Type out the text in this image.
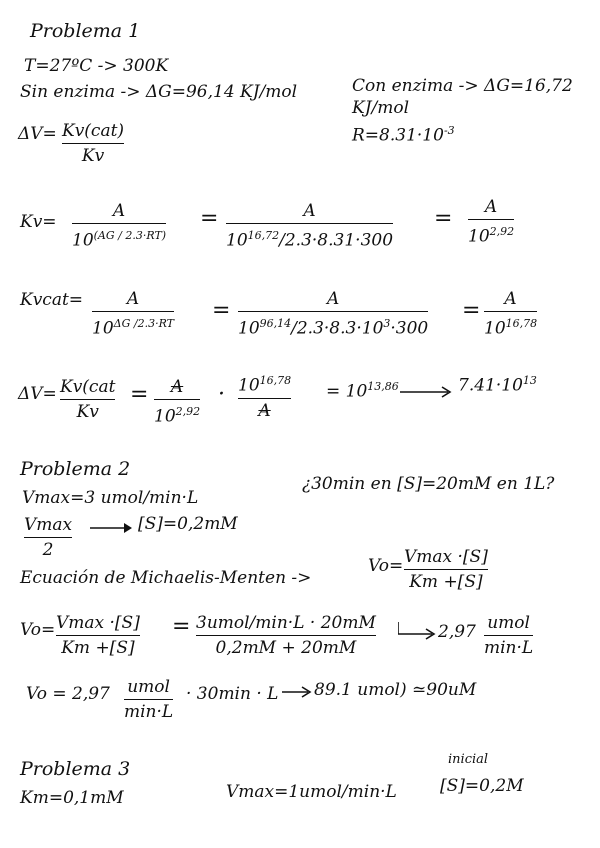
Problema 1
T=27ºC -> 300K
Sin enzima -> ΔG=96,14 KJ/mol	Con enzima -> ΔG=16,72
KJ/mol
$R=8.31\cdot 10^{-3}$
ΔV= Kv(cat)
Kv
Kv=
A
$10^{(AG / 2.3\cdot RT)}$
=	A
$10^{16,72}/2.3\cdot 8.31\cdot 300$
= A
10$^{2,92}$
Kvcat=	A
$10^{\Delta G /2.3\cdot RT}$
=	A
$10^{96,14}/2.3\cdot 8.3\cdot 10^3\cdot 300$
= A
10$^{16,78}$
ΔV= Kv(cat
Kv
= A
$10^{2,92}$
· $10^{16,78}$
A
= $10^{13,86}$	$7.41\cdot 10^{13}$
Problema 2
Vmax=3 umol/min·L
¿30min en [S]=20mM en 1L?
Vmax
2
[S]=0,2mM
Ecuación de Michaelis-Menten ->
Vo= Vmax ·[S]
Km +[S]
Vo= Vmax ·[S]
Km +[S]
= 3umol/min·L · 20mM
0,2mM + 20mM
2,97 umol
min·L
Vo = 2,97 umol
min·L
· 30min · L 89.1 umol) ≃90uM
Problema 3
Km=0,1mM	Vmax=1umol/min·L
inicial
[S]=0,2M
